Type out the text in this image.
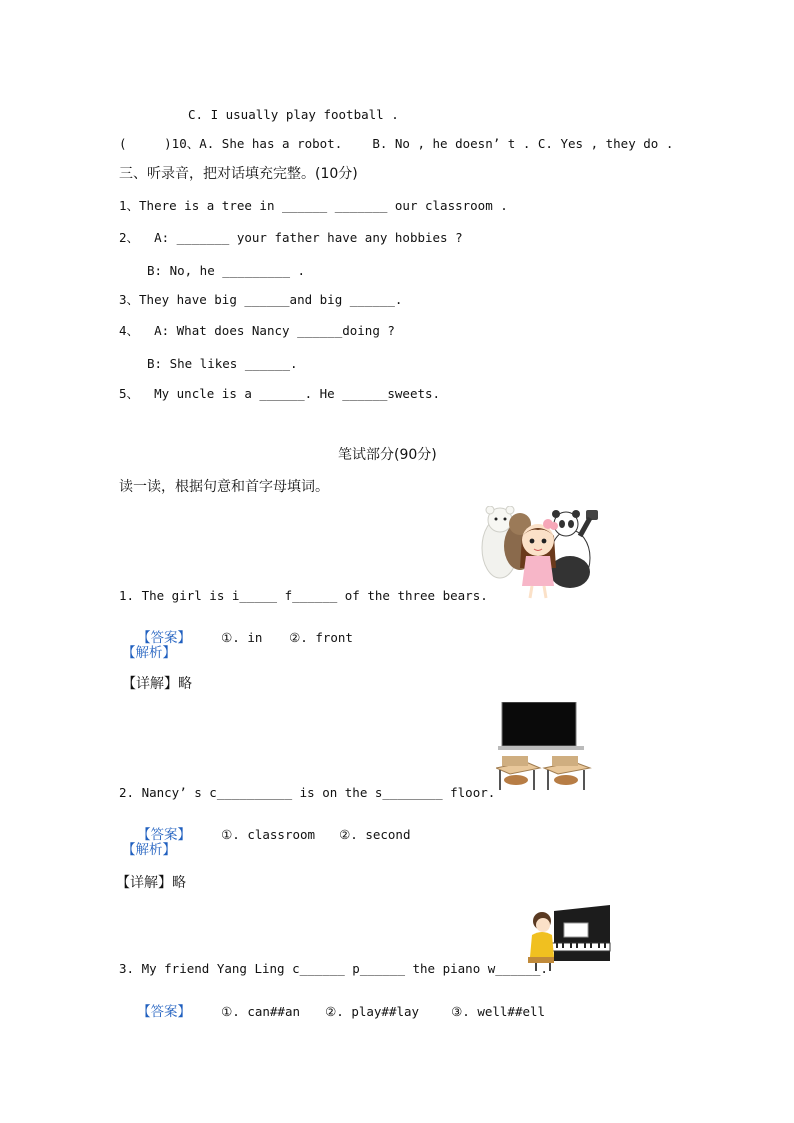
C. I usually play football .
(     )10、A. She has a robot.    B. No , he doesn’ t . C. Yes , they do .
三、听录音，把对话填充完整。(10分)
1、There is a tree in ______ _______ our classroom .
2、  A: _______ your father have any hobbies ?
B: No, he _________ .
3、They have big ______and big ______.
4、  A: What does Nancy ______doing ?
B: She likes ______.
5、  My uncle is a ______. He ______sweets.
笔试部分(90分)
读一读，根据句意和首字母填词。
1. The girl is i_____ f______ of the three bears.

【答案】 ①. in ②. front

【解析】
【详解】略
2. Nancy’ s c__________ is on the s________ floor.

【答案】 ①. classroom ②. second

【解析】
【详解】略
3. My friend Yang Ling c______ p______ the piano w______.

【答案】 ①. can##an ②. play##lay	③. well##ell
